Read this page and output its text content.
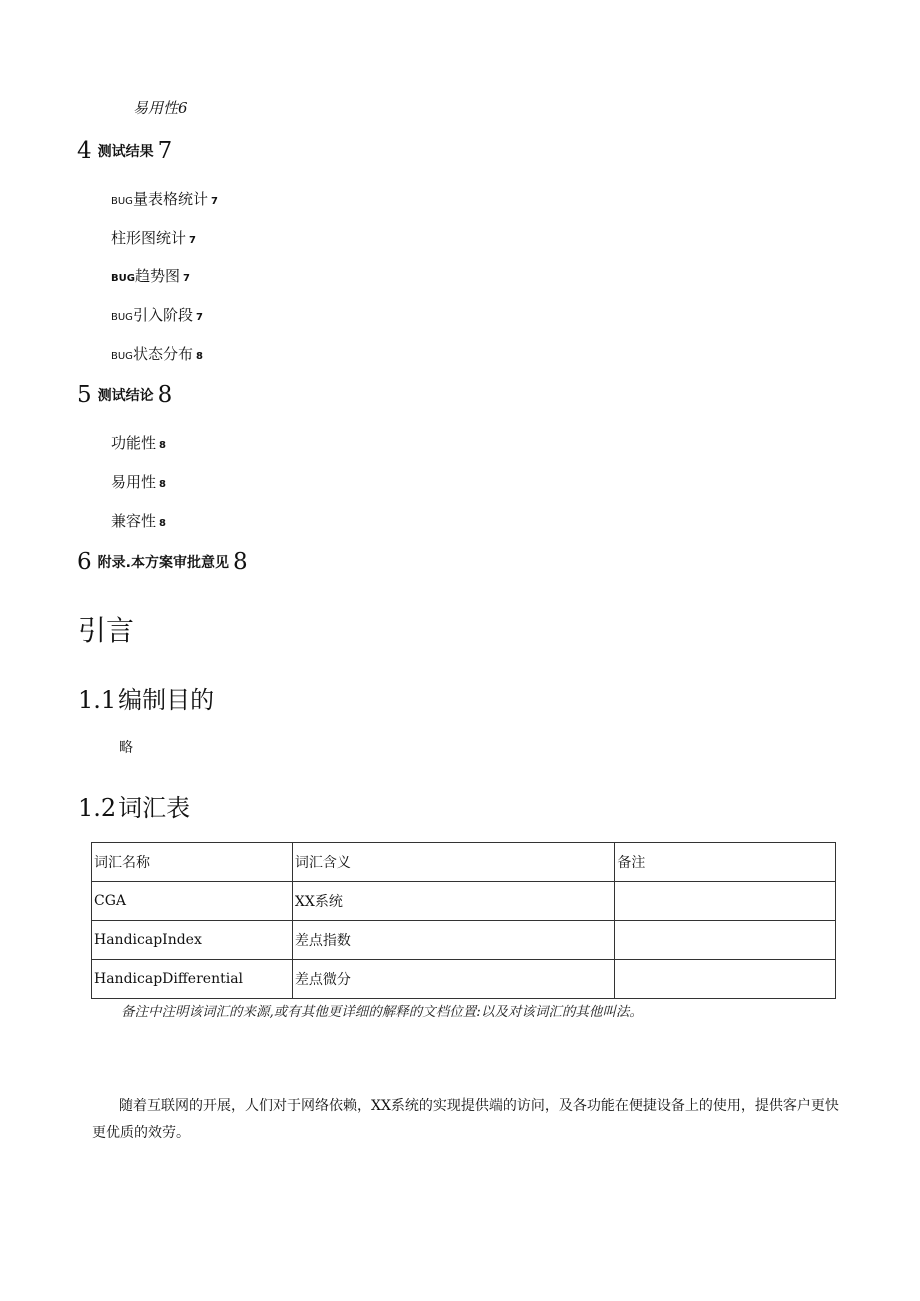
易用性6
4 测试结果 7
BUG量表格统计 7
柱形图统计 7
BUG趋势图 7
BUG引入阶段 7
BUG状态分布 8
5 测试结论 8
功能性 8
易用性 8
兼容性 8
6 附录.本方案审批意见 8
引言
1.1编制目的
略
1.2词汇表
词汇名称	词汇含义	备注
CGA	XX系统	
HandicapIndex	差点指数	
HandicapDifferential	差点微分	
备注中注明该词汇的来源,或有其他更详细的解释的文档位置:以及对该词汇的其他叫法。
随着互联网的开展，人们对于网络依赖，XX系统的实现提供端的访问，及各功能在便捷设备上的使用，提供客户更快更优质的效劳。
